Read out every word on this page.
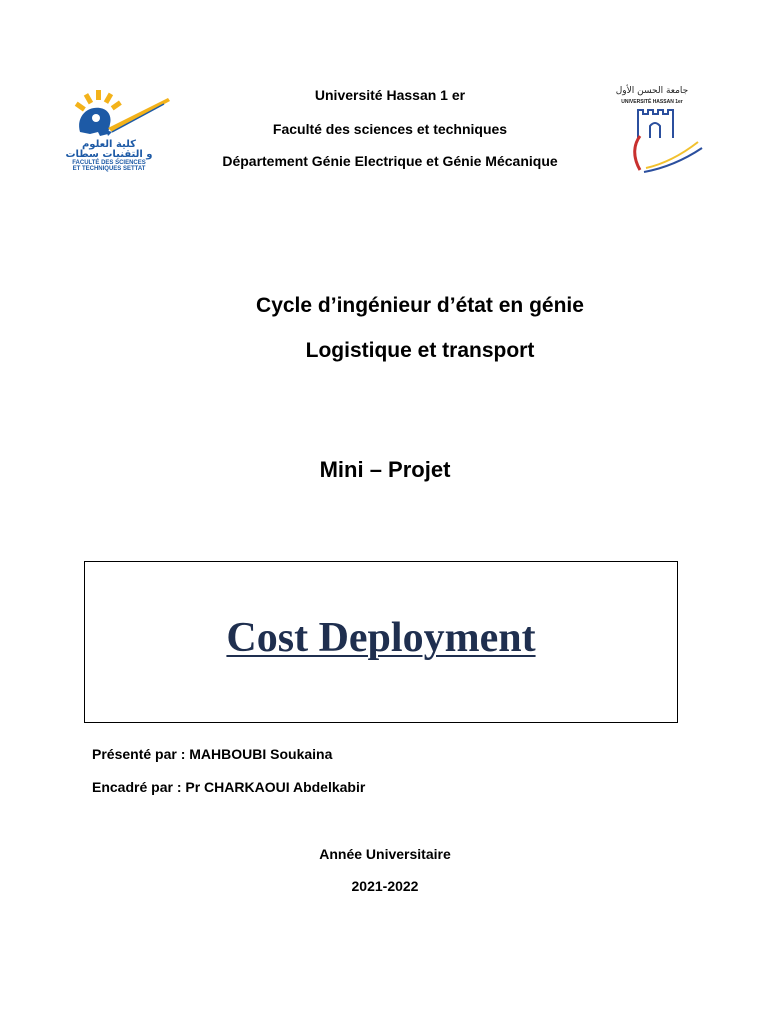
كلية العلوم
و التقنيات سطات
FACULTÉ DES SCIENCES
ET TECHNIQUES SETTAT
Université Hassan 1 er
Faculté des sciences et techniques
Département Génie Electrique et Génie Mécanique
جامعة الحسن الأول
UNIVERSITÉ HASSAN 1er
Cycle d’ingénieur d’état en génie
Logistique et transport
Mini – Projet
Cost Deployment
Présenté par : MAHBOUBI Soukaina
Encadré par : Pr CHARKAOUI Abdelkabir
Année Universitaire
2021-2022
